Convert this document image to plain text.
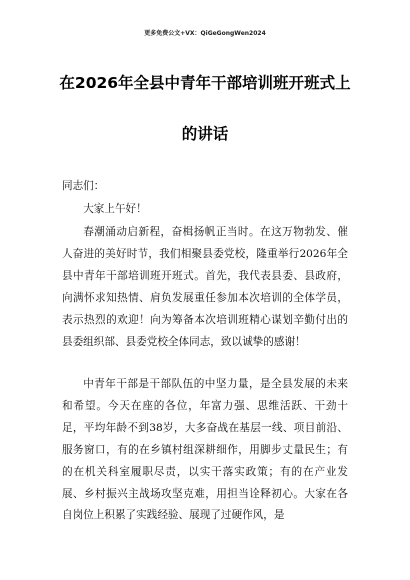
更多免费公文+VX：QiGeGongWen2024
在2026年全县中青年干部培训班开班式上
的讲话
同志们：
大家上午好！
春潮涌动启新程，奋楫扬帆正当时。在这万物勃发、催人奋进的美好时节，我们相聚县委党校，隆重举行2026年全县中青年干部培训班开班式。首先，我代表县委、县政府，向满怀求知热情、肩负发展重任参加本次培训的全体学员，表示热烈的欢迎！向为筹备本次培训班精心谋划辛勤付出的县委组织部、县委党校全体同志，致以诚挚的感谢！
中青年干部是干部队伍的中坚力量，是全县发展的未来和希望。今天在座的各位，年富力强、思维活跃、干劲十足，平均年龄不到38岁，大多奋战在基层一线、项目前沿、服务窗口，有的在乡镇村组深耕细作，用脚步丈量民生；有的在机关科室履职尽责，以实干落实政策；有的在产业发展、乡村振兴主战场攻坚克难，用担当诠释初心。大家在各自岗位上积累了实践经验、展现了过硬作风，是
